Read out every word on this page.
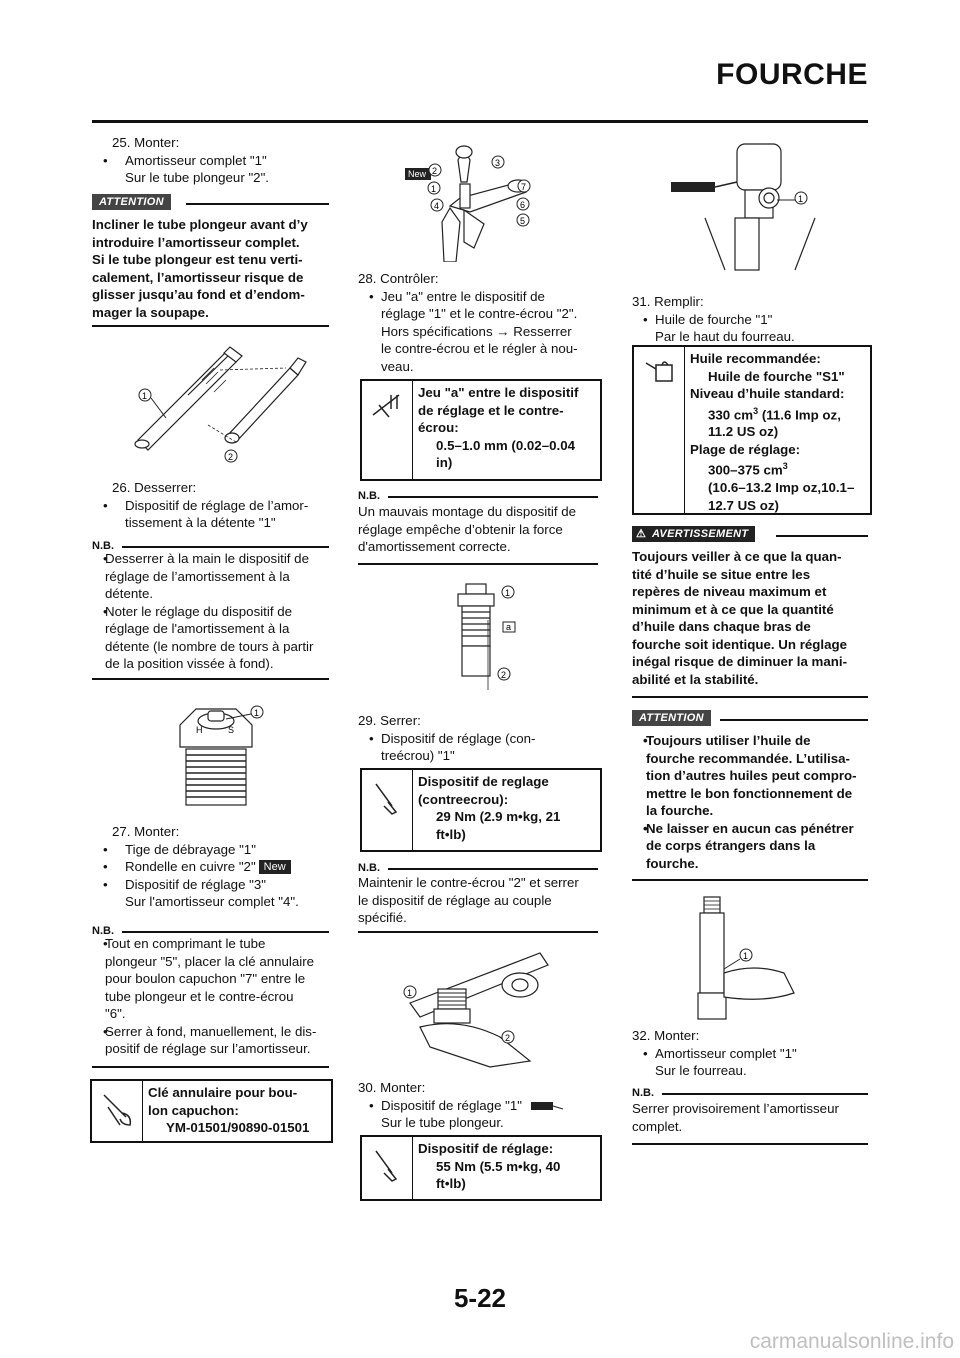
FOURCHE

25. Monter:

• Amortisseur complet "1"
Sur le tube plongeur "2".
ATTENTION
Incliner le tube plongeur avant d’y
introduire l’amortisseur complet.
Si le tube plongeur est tenu verti-
calement, l’amortisseur risque de
glisser jusqu’au fond et d’endom-
mager la soupape.
1
2

26. Desserrer:

• Dispositif de réglage de l’amor-
tissement à la détente "1"
N.B.
• Desserrer à la main le dispositif de
réglage de l’amortissement à la
détente.
• Noter le réglage du dispositif de
réglage de l'amortissement à la
détente (le nombre de tours à partir
de la position vissée à fond).
H	S
1

27. Monter:

• Tige de débrayage "1"
• Rondelle en cuivre "2" New
• Dispositif de réglage "3"
Sur l'amortisseur complet "4".
N.B.
• Tout en comprimant le tube
plongeur "5", placer la clé annulaire
pour boulon capuchon "7" entre le
tube plongeur et le contre-écrou
"6".
• Serrer à fond, manuellement, le dis-
positif de réglage sur l’amortisseur.
Clé annulaire pour bou-
lon capuchon:
YM-01501/90890-01501
New 2
3
1	7
4	6
5

28. Contrôler:

• Jeu "a" entre le dispositif de
réglage "1" et le contre-écrou "2".
Hors spécifications → Resserrer
le contre-écrou et le régler à nou-
veau.
Jeu "a" entre le dispositif
de réglage et le contre-
écrou:
0.5–1.0 mm (0.02–0.04
in)
N.B.
Un mauvais montage du dispositif de
réglage empêche d’obtenir la force
d'amortissement correcte.
1
a
2

29. Serrer:

• Dispositif de réglage (con-
treécrou) "1"
Dispositif de reglage
(contreecrou):
29 Nm (2.9 m•kg, 21
ft•lb)
N.B.
Maintenir le contre-écrou "2" et serrer
le dispositif de réglage au couple
spécifié.
1
2

30. Monter:

• Dispositif de réglage "1"
Sur le tube plongeur.
Dispositif de réglage:
55 Nm (5.5 m•kg, 40
ft•lb)
1

31. Remplir:

• Huile de fourche "1"
Par le haut du fourreau.
Huile recommandée:
Huile de fourche "S1"
Niveau d’huile standard:
330 $cm^3$ (11.6 Imp oz,
11.2 US oz)
Plage de réglage:
300–375 $cm^3$
(10.6–13.2 Imp oz,10.1–
12.7 US oz)
⚠ AVERTISSEMENT
Toujours veiller à ce que la quan-
tité d’huile se situe entre les
repères de niveau maximum et
minimum et à ce que la quantité
d’huile dans chaque bras de
fourche soit identique. Un réglage
inégal risque de diminuer la mani-
abilité et la stabilité.
ATTENTION
• Toujours utiliser l’huile de
fourche recommandée. L’utilisa-
tion d’autres huiles peut compro-
mettre le bon fonctionnement de
la fourche.
• Ne laisser en aucun cas pénétrer
de corps étrangers dans la
fourche.
1

32. Monter:

• Amortisseur complet "1"
Sur le fourreau.
N.B.
Serrer provisoirement l’amortisseur
complet.
5-22
carmanualsonline.info
